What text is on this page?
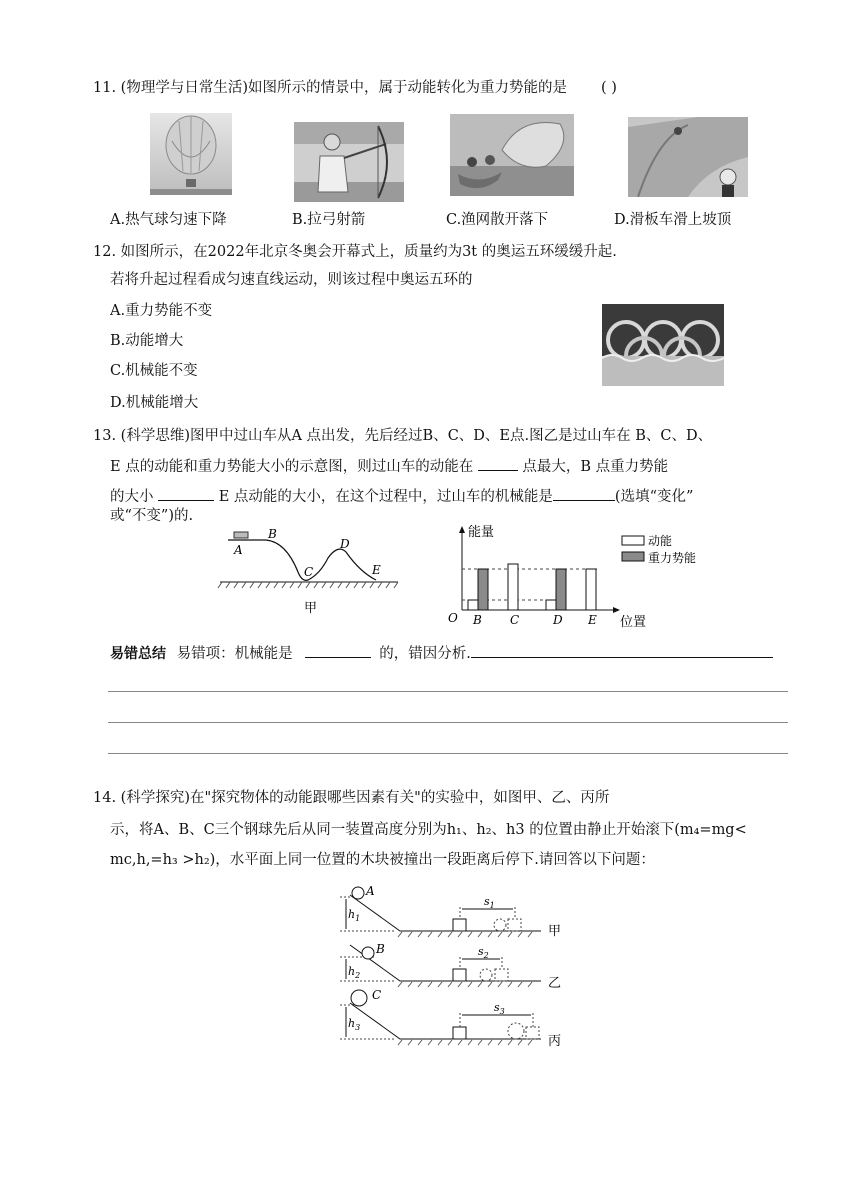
11. (物理学与日常生活)如图所示的情景中，属于动能转化为重力势能的是 ( )
A.热气球匀速下降	B.拉弓射箭	C.渔网散开落下	D.滑板车滑上坡顶
12. 如图所示，在2022年北京冬奥会开幕式上，质量约为3t 的奥运五环缓缓升起.
若将升起过程看成匀速直线运动，则该过程中奥运五环的
A.重力势能不变
B.动能增大
C.机械能不变
D.机械能增大
13. (科学思维)图甲中过山车从A 点出发，先后经过B、C、D、E点.图乙是过山车在 B、C、D、
E 点的动能和重力势能大小的示意图，则过山车的动能在	点最大，B 点重力势能
的大小	E 点动能的大小，在这个过程中，过山车的机械能是	(选填“变化”
或“不变”)的.
A
B
C
D
E
甲
能量
位置
O B C	D E
动能
重力势能
易错总结 易错项：机械能是	的，错因分析.
14. (科学探究)在"探究物体的动能跟哪些因素有关"的实验中，如图甲、乙、丙所
示，将A、B、C三个钢球先后从同一装置高度分别为h₁、h₂、h3 的位置由静止开始滚下(m₄=mg<
mc,h,=h₃ >h₂)，水平面上同一位置的木块被撞出一段距离后停下.请回答以下问题：
$h_1$
A
$s_1$
甲
$h_2$
B	$s_2$
乙
$h_3$
C
$s_3$
丙
